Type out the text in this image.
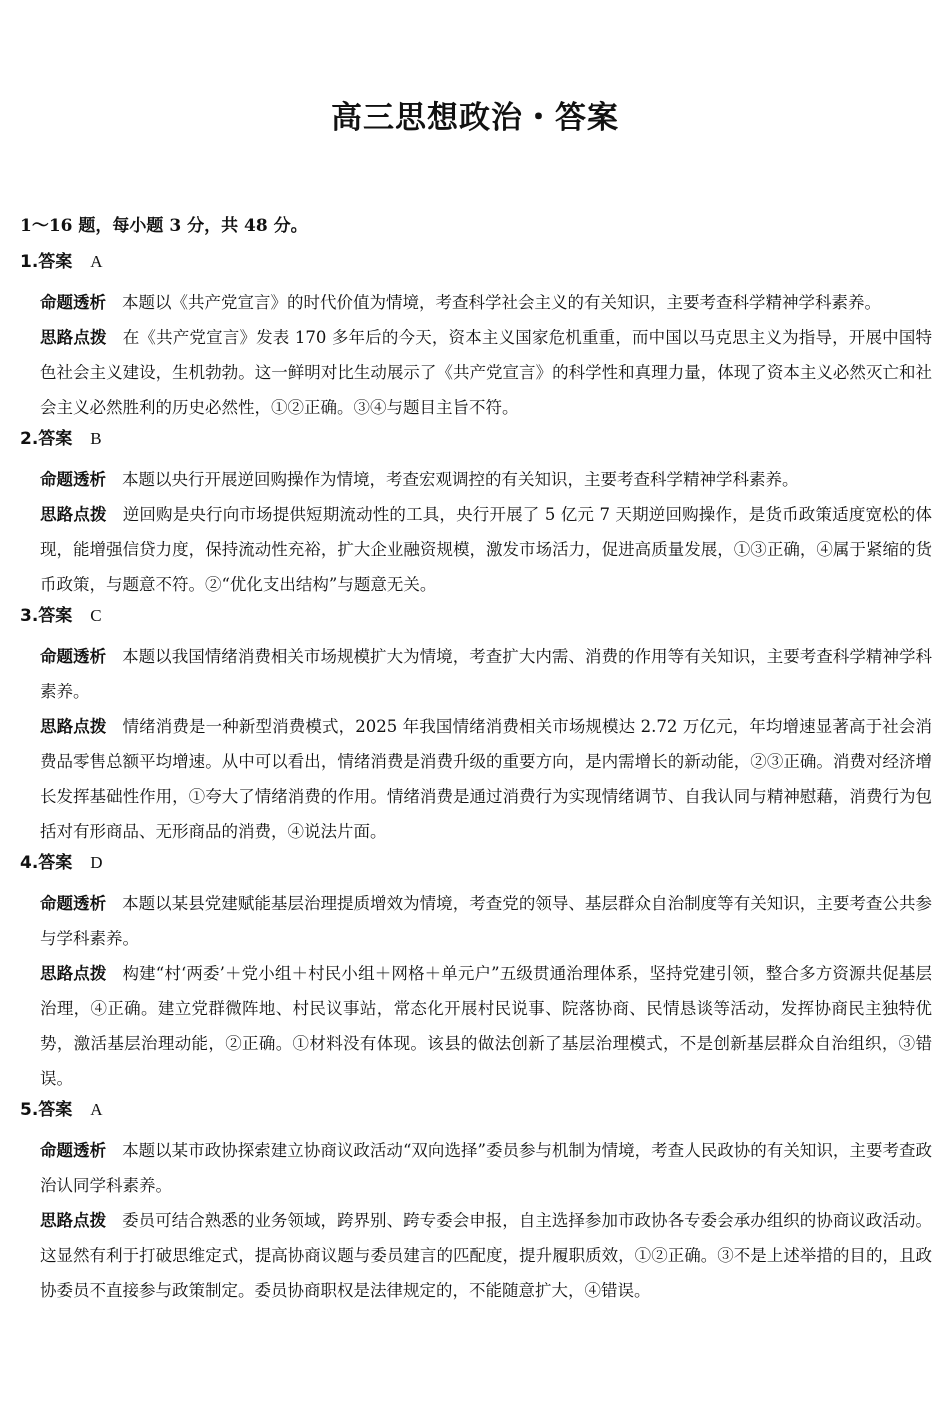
高三思想政治・答案
1～16 题，每小题 3 分，共 48 分。
1.答案 A
命题透析 本题以《共产党宣言》的时代价值为情境，考查科学社会主义的有关知识，主要考查科学精神学科素养。
思路点拨 在《共产党宣言》发表 170 多年后的今天，资本主义国家危机重重，而中国以马克思主义为指导，开展中国特色社会主义建设，生机勃勃。这一鲜明对比生动展示了《共产党宣言》的科学性和真理力量，体现了资本主义必然灭亡和社会主义必然胜利的历史必然性，①②正确。③④与题目主旨不符。
2.答案 B
命题透析 本题以央行开展逆回购操作为情境，考查宏观调控的有关知识，主要考查科学精神学科素养。
思路点拨 逆回购是央行向市场提供短期流动性的工具，央行开展了 5 亿元 7 天期逆回购操作，是货币政策适度宽松的体现，能增强信贷力度，保持流动性充裕，扩大企业融资规模，激发市场活力，促进高质量发展，①③正确，④属于紧缩的货币政策，与题意不符。②“优化支出结构”与题意无关。
3.答案 C
命题透析 本题以我国情绪消费相关市场规模扩大为情境，考查扩大内需、消费的作用等有关知识，主要考查科学精神学科素养。
思路点拨 情绪消费是一种新型消费模式，2025 年我国情绪消费相关市场规模达 2.72 万亿元，年均增速显著高于社会消费品零售总额平均增速。从中可以看出，情绪消费是消费升级的重要方向，是内需增长的新动能，②③正确。消费对经济增长发挥基础性作用，①夸大了情绪消费的作用。情绪消费是通过消费行为实现情绪调节、自我认同与精神慰藉，消费行为包括对有形商品、无形商品的消费，④说法片面。
4.答案 D
命题透析 本题以某县党建赋能基层治理提质增效为情境，考查党的领导、基层群众自治制度等有关知识，主要考查公共参与学科素养。
思路点拨 构建“村‘两委’＋党小组＋村民小组＋网格＋单元户”五级贯通治理体系，坚持党建引领，整合多方资源共促基层治理，④正确。建立党群微阵地、村民议事站，常态化开展村民说事、院落协商、民情恳谈等活动，发挥协商民主独特优势，激活基层治理动能，②正确。①材料没有体现。该县的做法创新了基层治理模式，不是创新基层群众自治组织，③错误。
5.答案 A
命题透析 本题以某市政协探索建立协商议政活动“双向选择”委员参与机制为情境，考查人民政协的有关知识，主要考查政治认同学科素养。
思路点拨 委员可结合熟悉的业务领域，跨界别、跨专委会申报，自主选择参加市政协各专委会承办组织的协商议政活动。这显然有利于打破思维定式，提高协商议题与委员建言的匹配度，提升履职质效，①②正确。③不是上述举措的目的，且政协委员不直接参与政策制定。委员协商职权是法律规定的，不能随意扩大，④错误。
